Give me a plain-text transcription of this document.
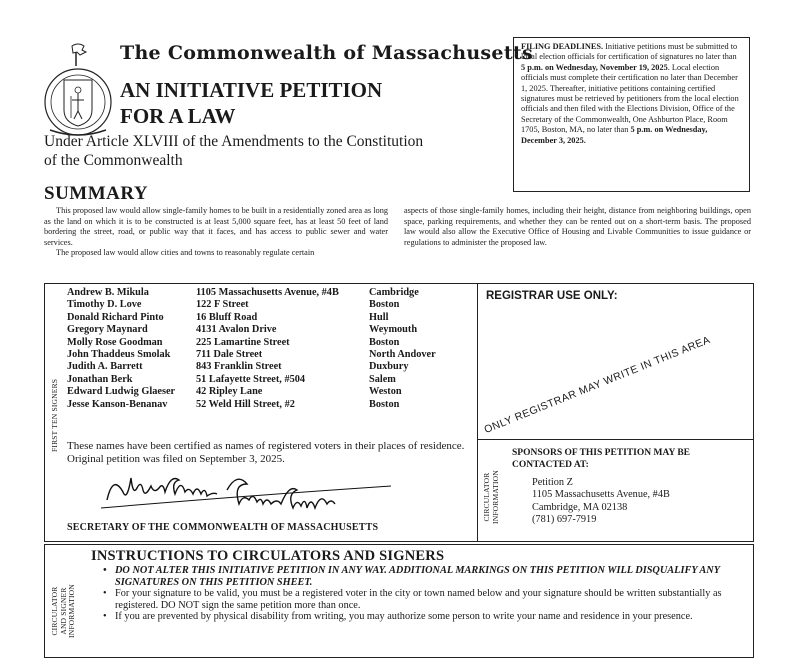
The Commonwealth of Massachusetts
AN INITIATIVE PETITION
FOR A LAW
Under Article XLVIII of the Amendments to the Constitution of the Commonwealth
FILING DEADLINES. Initiative petitions must be submitted to local election officials for certification of signatures no later than 5 p.m. on Wednesday, November 19, 2025. Local election officials must complete their certification no later than December 1, 2025. Thereafter, initiative petitions containing certified signatures must be retrieved by petitioners from the local election officials and then filed with the Elections Division, Office of the Secretary of the Commonwealth, One Ashburton Place, Room 1705, Boston, MA, no later than 5 p.m. on Wednesday, December 3, 2025.
SUMMARY

This proposed law would allow single-family homes to be built in a residentially zoned area as long as the land on which it is to be constructed is at least 5,000 square feet, has at least 50 feet of land bordering the street, road, or public way that it faces, and has access to public sewer and water services.

The proposed law would allow cities and towns to reasonably regulate certain

aspects of those single-family homes, including their height, distance from neighboring buildings, open space, parking requirements, and whether they can be rented out on a short-term basis. The proposed law would also allow the Executive Office of Housing and Livable Communities to issue guidance or regulations to administer the proposed law.

FIRST TEN SIGNERS
Andrew B. Mikula	1105 Massachusetts Avenue, #4B	Cambridge
Timothy D. Love	122 F Street	Boston
Donald Richard Pinto	16 Bluff Road	Hull
Gregory Maynard	4131 Avalon Drive	Weymouth
Molly Rose Goodman	225 Lamartine Street	Boston
John Thaddeus Smolak 711 Dale Street	North Andover
Judith A. Barrett	843 Franklin Street	Duxbury
Jonathan Berk	51 Lafayette Street, #504	Salem
Edward Ludwig Glaeser 42 Ripley Lane	Weston
Jesse Kanson-Benanav	52 Weld Hill Street, #2	Boston
These names have been certified as names of registered voters in their places of residence. Original petition was filed on September 3, 2025.
SECRETARY OF THE COMMONWEALTH OF MASSACHUSETTS
REGISTRAR USE ONLY:
ONLY REGISTRAR MAY WRITE IN THIS AREA
CIRCULATOR INFORMATION
SPONSORS OF THIS PETITION MAY BE CONTACTED AT:
Petition Z
1105 Massachusetts Avenue, #4B
Cambridge, MA 02138
(781) 697-7919
CIRCULATOR AND SIGNER INFORMATION
INSTRUCTIONS TO CIRCULATORS AND SIGNERS
• DO NOT ALTER THIS INITIATIVE PETITION IN ANY WAY. ADDITIONAL MARKINGS ON THIS PETITION WILL DISQUALIFY ANY SIGNATURES ON THIS PETITION SHEET.
• For your signature to be valid, you must be a registered voter in the city or town named below and your signature should be written substantially as registered. DO NOT sign the same petition more than once.
• If you are prevented by physical disability from writing, you may authorize some person to write your name and residence in your presence.
